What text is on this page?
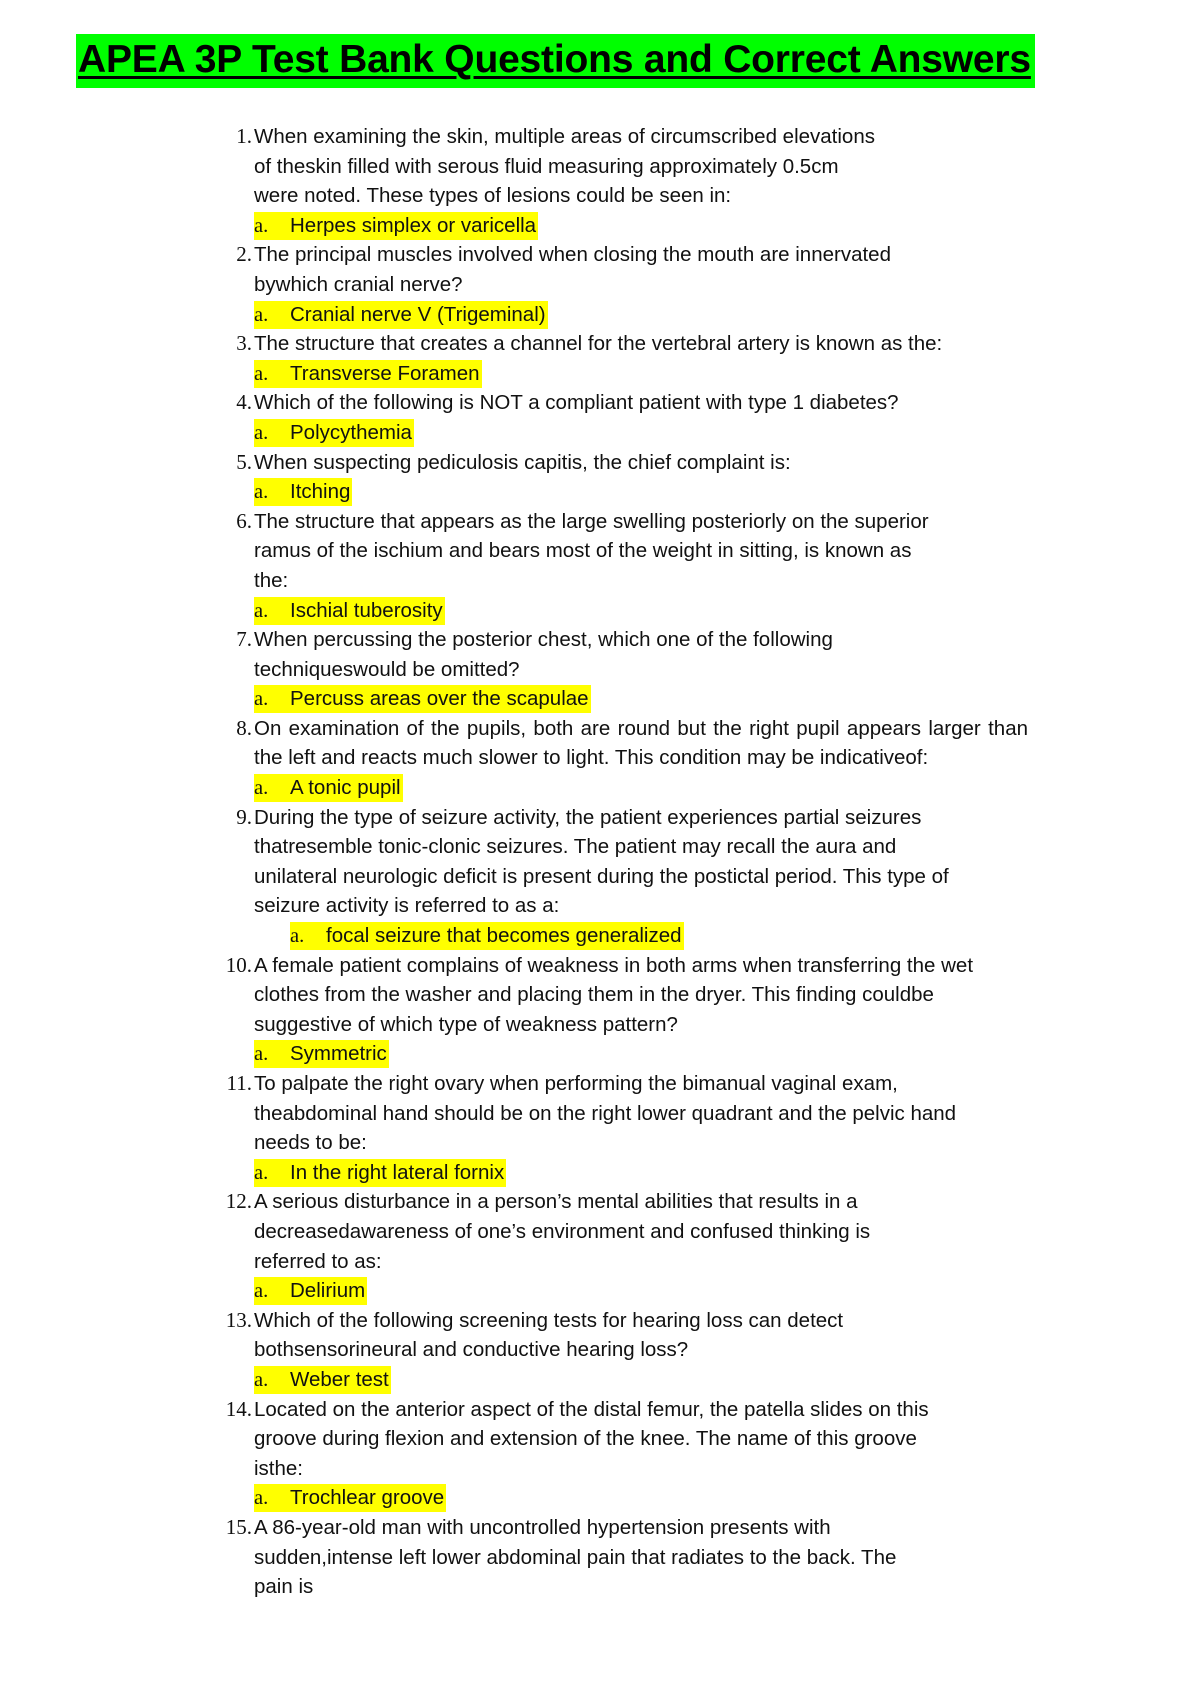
APEA 3P Test Bank Questions and Correct Answers
1. When examining the skin, multiple areas of circumscribed elevations of theskin filled with serous fluid measuring approximately 0.5cm were noted. These types of lesions could be seen in:
a. Herpes simplex or varicella
2. The principal muscles involved when closing the mouth are innervated bywhich cranial nerve?
a. Cranial nerve V (Trigeminal)
3. The structure that creates a channel for the vertebral artery is known as the:
a. Transverse Foramen
4. Which of the following is NOT a compliant patient with type 1 diabetes?
a. Polycythemia
5. When suspecting pediculosis capitis, the chief complaint is:
a. Itching
6. The structure that appears as the large swelling posteriorly on the superior ramus of the ischium and bears most of the weight in sitting, is known as the:
a. Ischial tuberosity
7. When percussing the posterior chest, which one of the following techniqueswould be omitted?
a. Percuss areas over the scapulae
8. On examination of the pupils, both are round but the right pupil appears larger than the left and reacts much slower to light. This condition may be indicativeof:
a. A tonic pupil
9. During the type of seizure activity, the patient experiences partial seizures thatresemble tonic-clonic seizures. The patient may recall the aura and unilateral neurologic deficit is present during the postictal period. This type of seizure activity is referred to as a:
a. focal seizure that becomes generalized
10. A female patient complains of weakness in both arms when transferring the wet clothes from the washer and placing them in the dryer. This finding couldbe suggestive of which type of weakness pattern?
a. Symmetric
11. To palpate the right ovary when performing the bimanual vaginal exam, theabdominal hand should be on the right lower quadrant and the pelvic hand needs to be:
a. In the right lateral fornix
12. A serious disturbance in a person’s mental abilities that results in a decreasedawareness of one’s environment and confused thinking is referred to as:
a. Delirium
13. Which of the following screening tests for hearing loss can detect bothsensorineural and conductive hearing loss?
a. Weber test
14. Located on the anterior aspect of the distal femur, the patella slides on this groove during flexion and extension of the knee. The name of this groove isthe:
a. Trochlear groove
15. A 86-year-old man with uncontrolled hypertension presents with sudden,intense left lower abdominal pain that radiates to the back. The pain is
